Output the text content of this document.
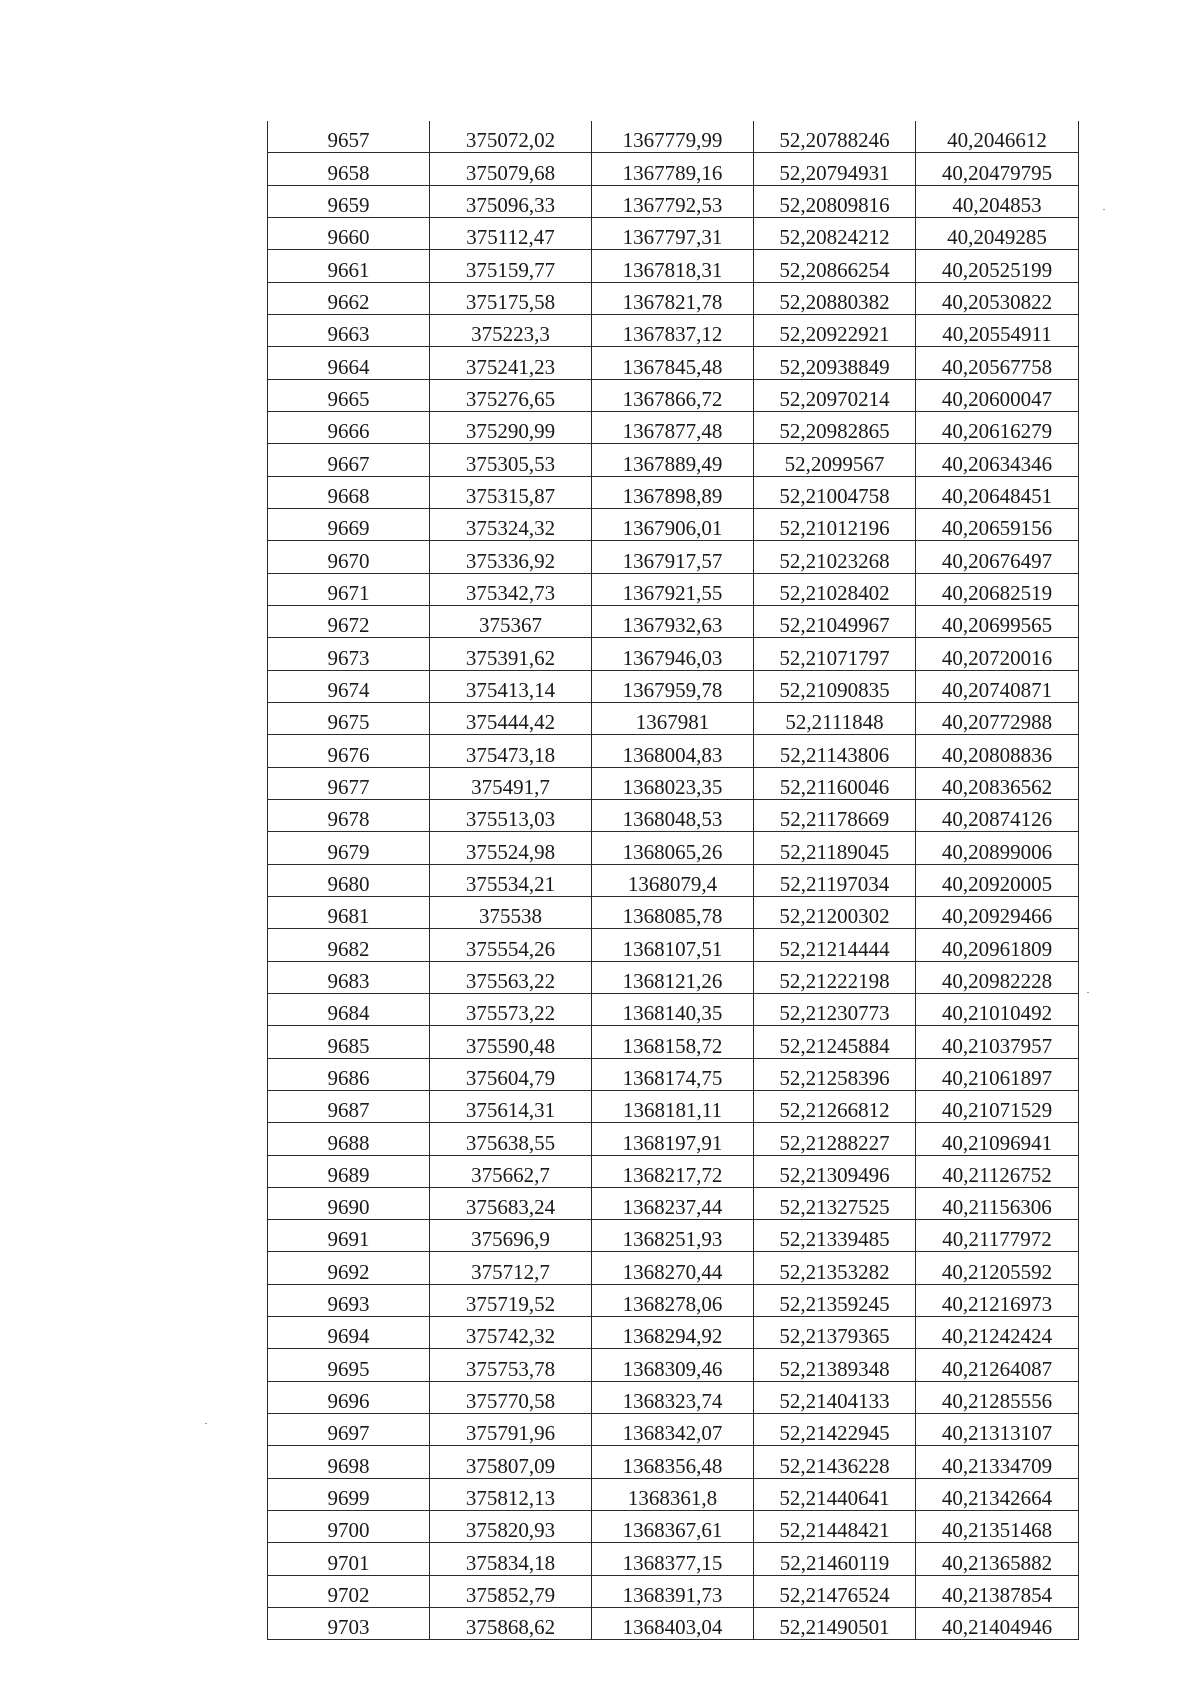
9657	375072,02	1367779,99	52,20788246	40,2046612
9658	375079,68	1367789,16	52,20794931	40,20479795
9659	375096,33	1367792,53	52,20809816	40,204853
9660	375112,47	1367797,31	52,20824212	40,2049285
9661	375159,77	1367818,31	52,20866254	40,20525199
9662	375175,58	1367821,78	52,20880382	40,20530822
9663	375223,3	1367837,12	52,20922921	40,20554911
9664	375241,23	1367845,48	52,20938849	40,20567758
9665	375276,65	1367866,72	52,20970214	40,20600047
9666	375290,99	1367877,48	52,20982865	40,20616279
9667	375305,53	1367889,49	52,2099567	40,20634346
9668	375315,87	1367898,89	52,21004758	40,20648451
9669	375324,32	1367906,01	52,21012196	40,20659156
9670	375336,92	1367917,57	52,21023268	40,20676497
9671	375342,73	1367921,55	52,21028402	40,20682519
9672	375367	1367932,63	52,21049967	40,20699565
9673	375391,62	1367946,03	52,21071797	40,20720016
9674	375413,14	1367959,78	52,21090835	40,20740871
9675	375444,42	1367981	52,2111848	40,20772988
9676	375473,18	1368004,83	52,21143806	40,20808836
9677	375491,7	1368023,35	52,21160046	40,20836562
9678	375513,03	1368048,53	52,21178669	40,20874126
9679	375524,98	1368065,26	52,21189045	40,20899006
9680	375534,21	1368079,4	52,21197034	40,20920005
9681	375538	1368085,78	52,21200302	40,20929466
9682	375554,26	1368107,51	52,21214444	40,20961809
9683	375563,22	1368121,26	52,21222198	40,20982228
9684	375573,22	1368140,35	52,21230773	40,21010492
9685	375590,48	1368158,72	52,21245884	40,21037957
9686	375604,79	1368174,75	52,21258396	40,21061897
9687	375614,31	1368181,11	52,21266812	40,21071529
9688	375638,55	1368197,91	52,21288227	40,21096941
9689	375662,7	1368217,72	52,21309496	40,21126752
9690	375683,24	1368237,44	52,21327525	40,21156306
9691	375696,9	1368251,93	52,21339485	40,21177972
9692	375712,7	1368270,44	52,21353282	40,21205592
9693	375719,52	1368278,06	52,21359245	40,21216973
9694	375742,32	1368294,92	52,21379365	40,21242424
9695	375753,78	1368309,46	52,21389348	40,21264087
9696	375770,58	1368323,74	52,21404133	40,21285556
9697	375791,96	1368342,07	52,21422945	40,21313107
9698	375807,09	1368356,48	52,21436228	40,21334709
9699	375812,13	1368361,8	52,21440641	40,21342664
9700	375820,93	1368367,61	52,21448421	40,21351468
9701	375834,18	1368377,15	52,21460119	40,21365882
9702	375852,79	1368391,73	52,21476524	40,21387854
9703	375868,62	1368403,04	52,21490501	40,21404946
